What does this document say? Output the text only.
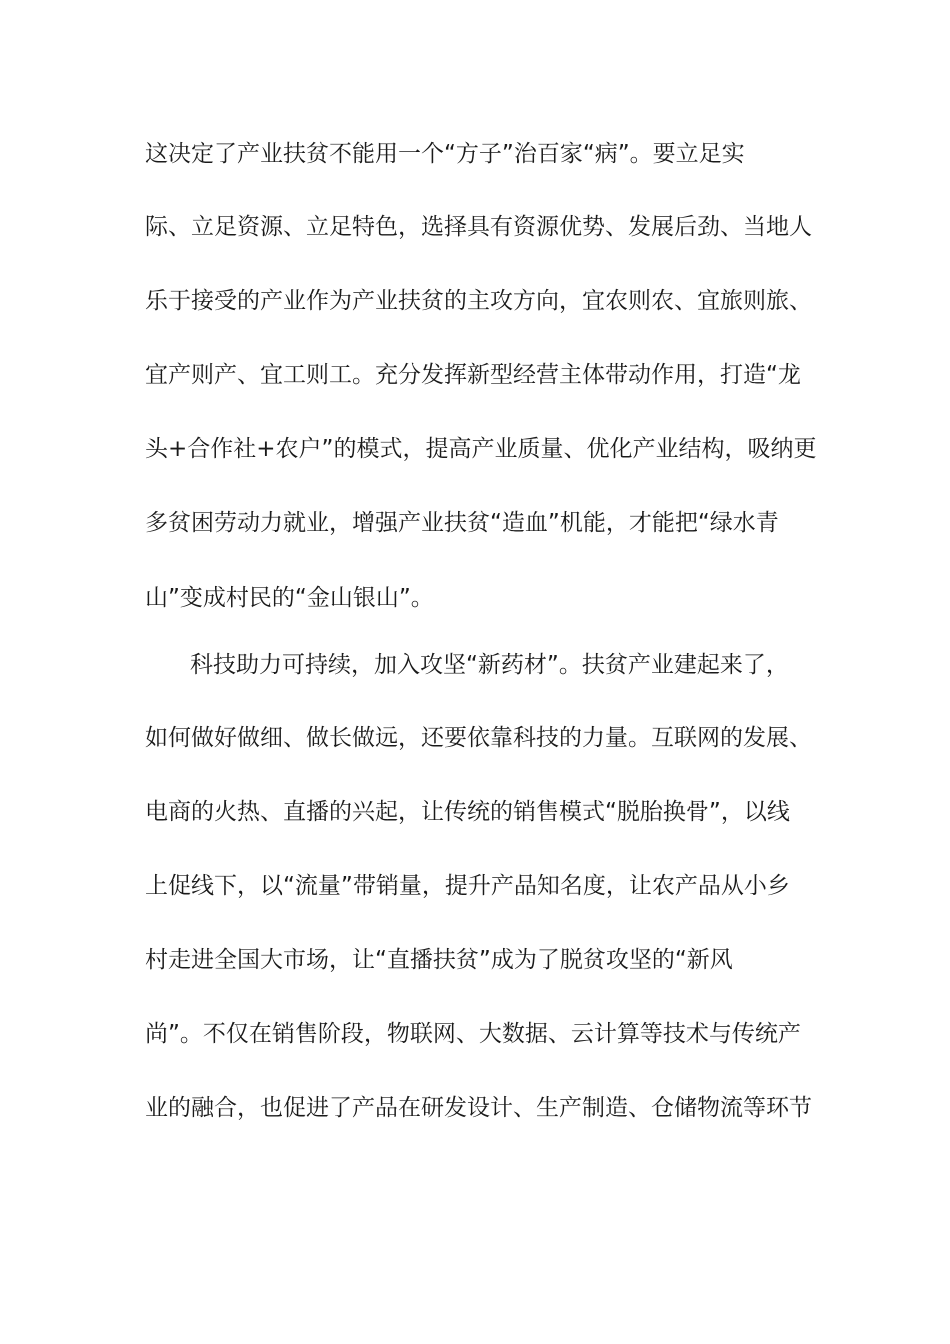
这决定了产业扶贫不能用一个“方子”治百家“病”。要立足实
际、立足资源、立足特色，选择具有资源优势、发展后劲、当地人
乐于接受的产业作为产业扶贫的主攻方向，宜农则农、宜旅则旅、
宜产则产、宜工则工。充分发挥新型经营主体带动作用，打造“龙
头+合作社+农户”的模式，提高产业质量、优化产业结构，吸纳更
多贫困劳动力就业，增强产业扶贫“造血”机能，才能把“绿水青
山”变成村民的“金山银山”。
科技助力可持续，加入攻坚“新药材”。扶贫产业建起来了，
如何做好做细、做长做远，还要依靠科技的力量。互联网的发展、
电商的火热、直播的兴起，让传统的销售模式“脱胎换骨”，以线
上促线下，以“流量”带销量，提升产品知名度，让农产品从小乡
村走进全国大市场，让“直播扶贫”成为了脱贫攻坚的“新风
尚”。不仅在销售阶段，物联网、大数据、云计算等技术与传统产
业的融合，也促进了产品在研发设计、生产制造、仓储物流等环节
